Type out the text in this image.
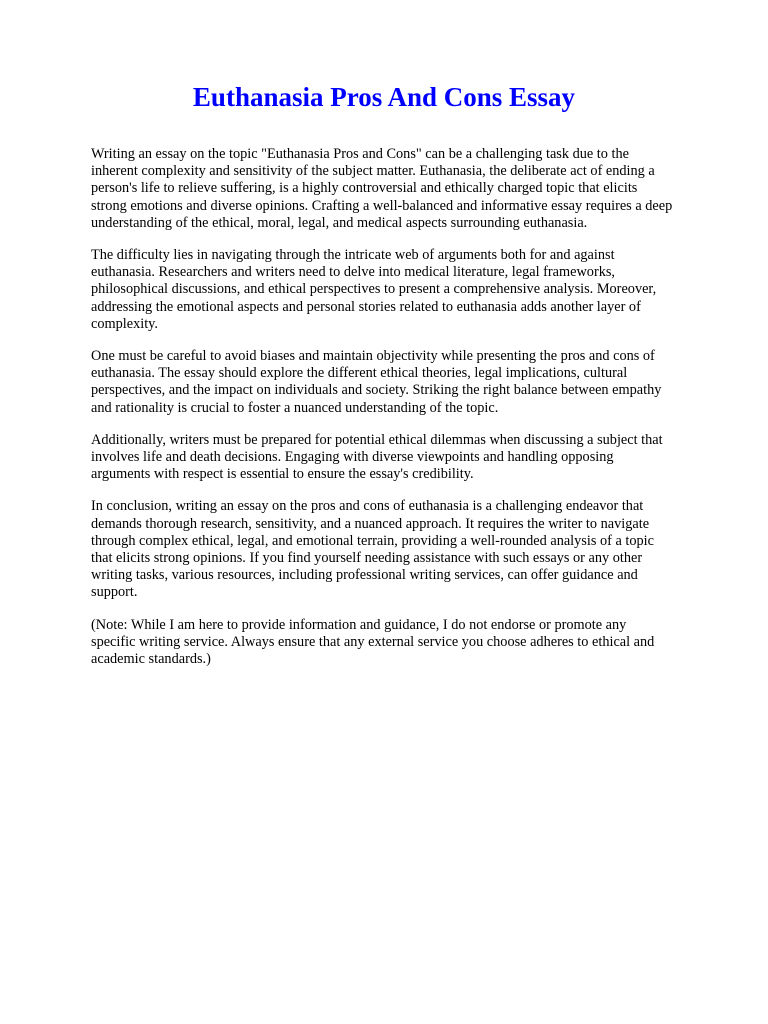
Euthanasia Pros And Cons Essay

Writing an essay on the topic "Euthanasia Pros and Cons" can be a challenging task due to the
inherent complexity and sensitivity of the subject matter. Euthanasia, the deliberate act of ending a
person's life to relieve suffering, is a highly controversial and ethically charged topic that elicits
strong emotions and diverse opinions. Crafting a well-balanced and informative essay requires a deep
understanding of the ethical, moral, legal, and medical aspects surrounding euthanasia.

The difficulty lies in navigating through the intricate web of arguments both for and against
euthanasia. Researchers and writers need to delve into medical literature, legal frameworks,
philosophical discussions, and ethical perspectives to present a comprehensive analysis. Moreover,
addressing the emotional aspects and personal stories related to euthanasia adds another layer of
complexity.

One must be careful to avoid biases and maintain objectivity while presenting the pros and cons of
euthanasia. The essay should explore the different ethical theories, legal implications, cultural
perspectives, and the impact on individuals and society. Striking the right balance between empathy
and rationality is crucial to foster a nuanced understanding of the topic.

Additionally, writers must be prepared for potential ethical dilemmas when discussing a subject that
involves life and death decisions. Engaging with diverse viewpoints and handling opposing
arguments with respect is essential to ensure the essay's credibility.

In conclusion, writing an essay on the pros and cons of euthanasia is a challenging endeavor that
demands thorough research, sensitivity, and a nuanced approach. It requires the writer to navigate
through complex ethical, legal, and emotional terrain, providing a well-rounded analysis of a topic
that elicits strong opinions. If you find yourself needing assistance with such essays or any other
writing tasks, various resources, including professional writing services, can offer guidance and
support.

(Note: While I am here to provide information and guidance, I do not endorse or promote any
specific writing service. Always ensure that any external service you choose adheres to ethical and
academic standards.)
